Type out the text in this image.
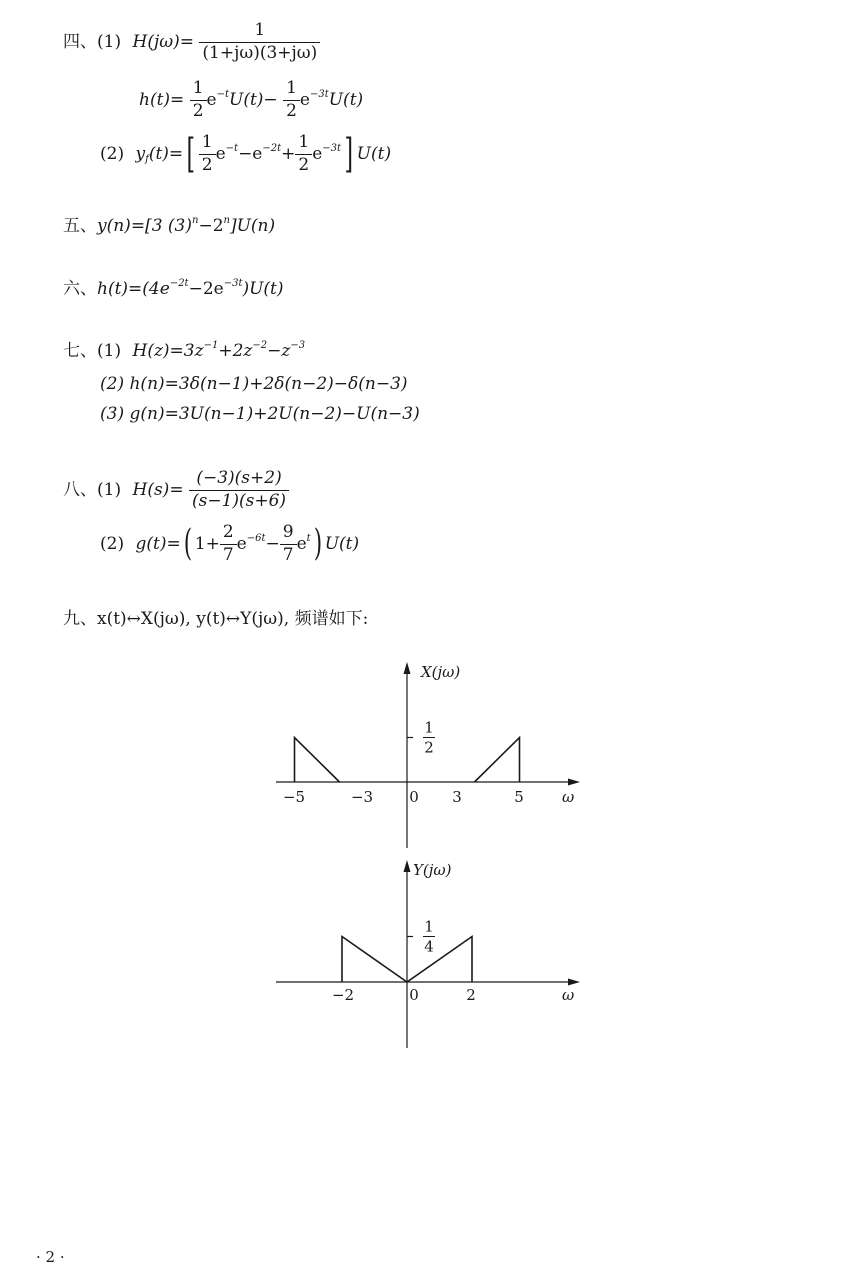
四、(1) $H(j\omega)= \frac{1}{(1+j\omega)(3+j\omega)}$
$h(t)= \frac{1}{2} e^{-t}U(t)- \frac{1}{2} e^{-3t}U(t)$
(2) $y_f(t)=[ \frac{1}{2} e^{-t}-e^{-2t}+ \frac{1}{2} e^{-3t}]$ U(t)
五、y(n)=[3 $(3)^n-2^n]U(n)$
六、$h(t)=(4e^{-2t}-2e^{-3t})U(t)$
七、(1) $H(z)=3z^{-1}+2z^{-2}-z^{-3}$
(2) h(n)=3δ(n−1)+2δ(n−2)−δ(n−3)
(3) g(n)=3U(n−1)+2U(n−2)−U(n−3)
八、(1) $H(s)= \frac{(-3)(s+2)}{(s-1)(s+6)}$
(2) g(t)=( $1+ \frac{2}{7} e^{-6t}- \frac{9}{7} e^t$) U(t)
九、x(t)↔X(jω), y(t)↔Y(jω), 频谱如下:
X(jω)
ω
1
2
−5	−3 0 3	5
Y(jω)
ω
1
4
−2	0	2
· 2 ·
